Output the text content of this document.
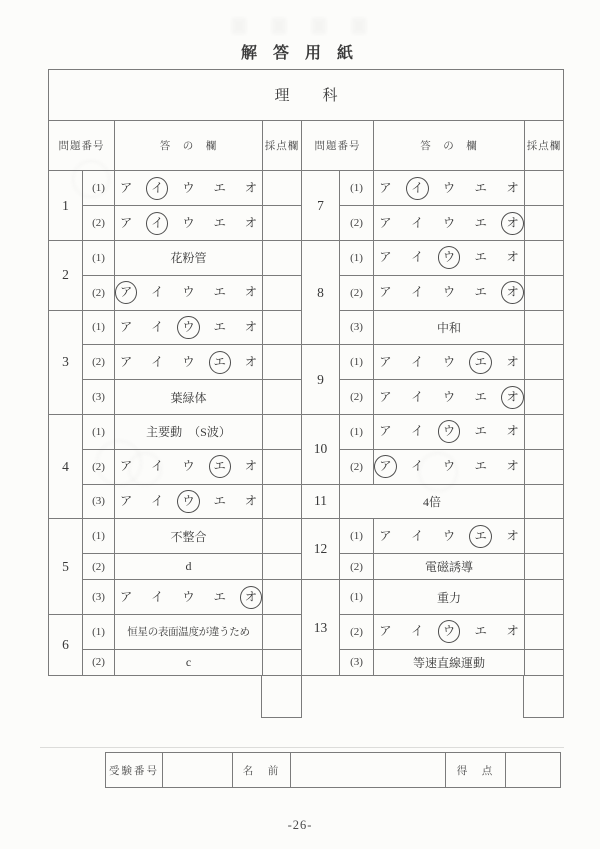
解 答 用 紙
理科							
問題番号		答　の　欄	採点欄	問題番号		答　の　欄	採点欄
1	(1)	ア イ ウ エ オ		7	(1)	ア イ ウ エ オ	

	(2)	ア イ ウ エ オ			(2)	ア イ ウ エ オ	

2	(1)	花粉管		8	(1)	ア イ ウ エ オ	

	(2)	ア イ ウ エ オ			(2)	ア イ ウ エ オ	

3	(1)	ア イ ウ エ オ			(3)	中和	
	(2)	ア イ ウ エ オ		9	(1)	ア イ ウ エ オ	

	(3)	葉緑体			(2)	ア イ ウ エ オ	

4	(1)	主要動　（S波）		10	(1)	ア イ ウ エ オ	

	(2)	ア イ ウ エ オ			(2)	ア イ ウ エ オ	

	(3)	ア イ ウ エ オ		11	4倍		
5	(1)	不整合		12	(1)	ア イ ウ エ オ	

	(2)	d			(2)	電磁誘導	
	(3)	ア イ ウ エ オ		13	(1)	重力	
6	(1)	恒星の表面温度が違うため			(2)	ア イ ウ エ オ	

	(2)	c			(3)	等速直線運動	
受験番号		名　前		得　点	
-26-
